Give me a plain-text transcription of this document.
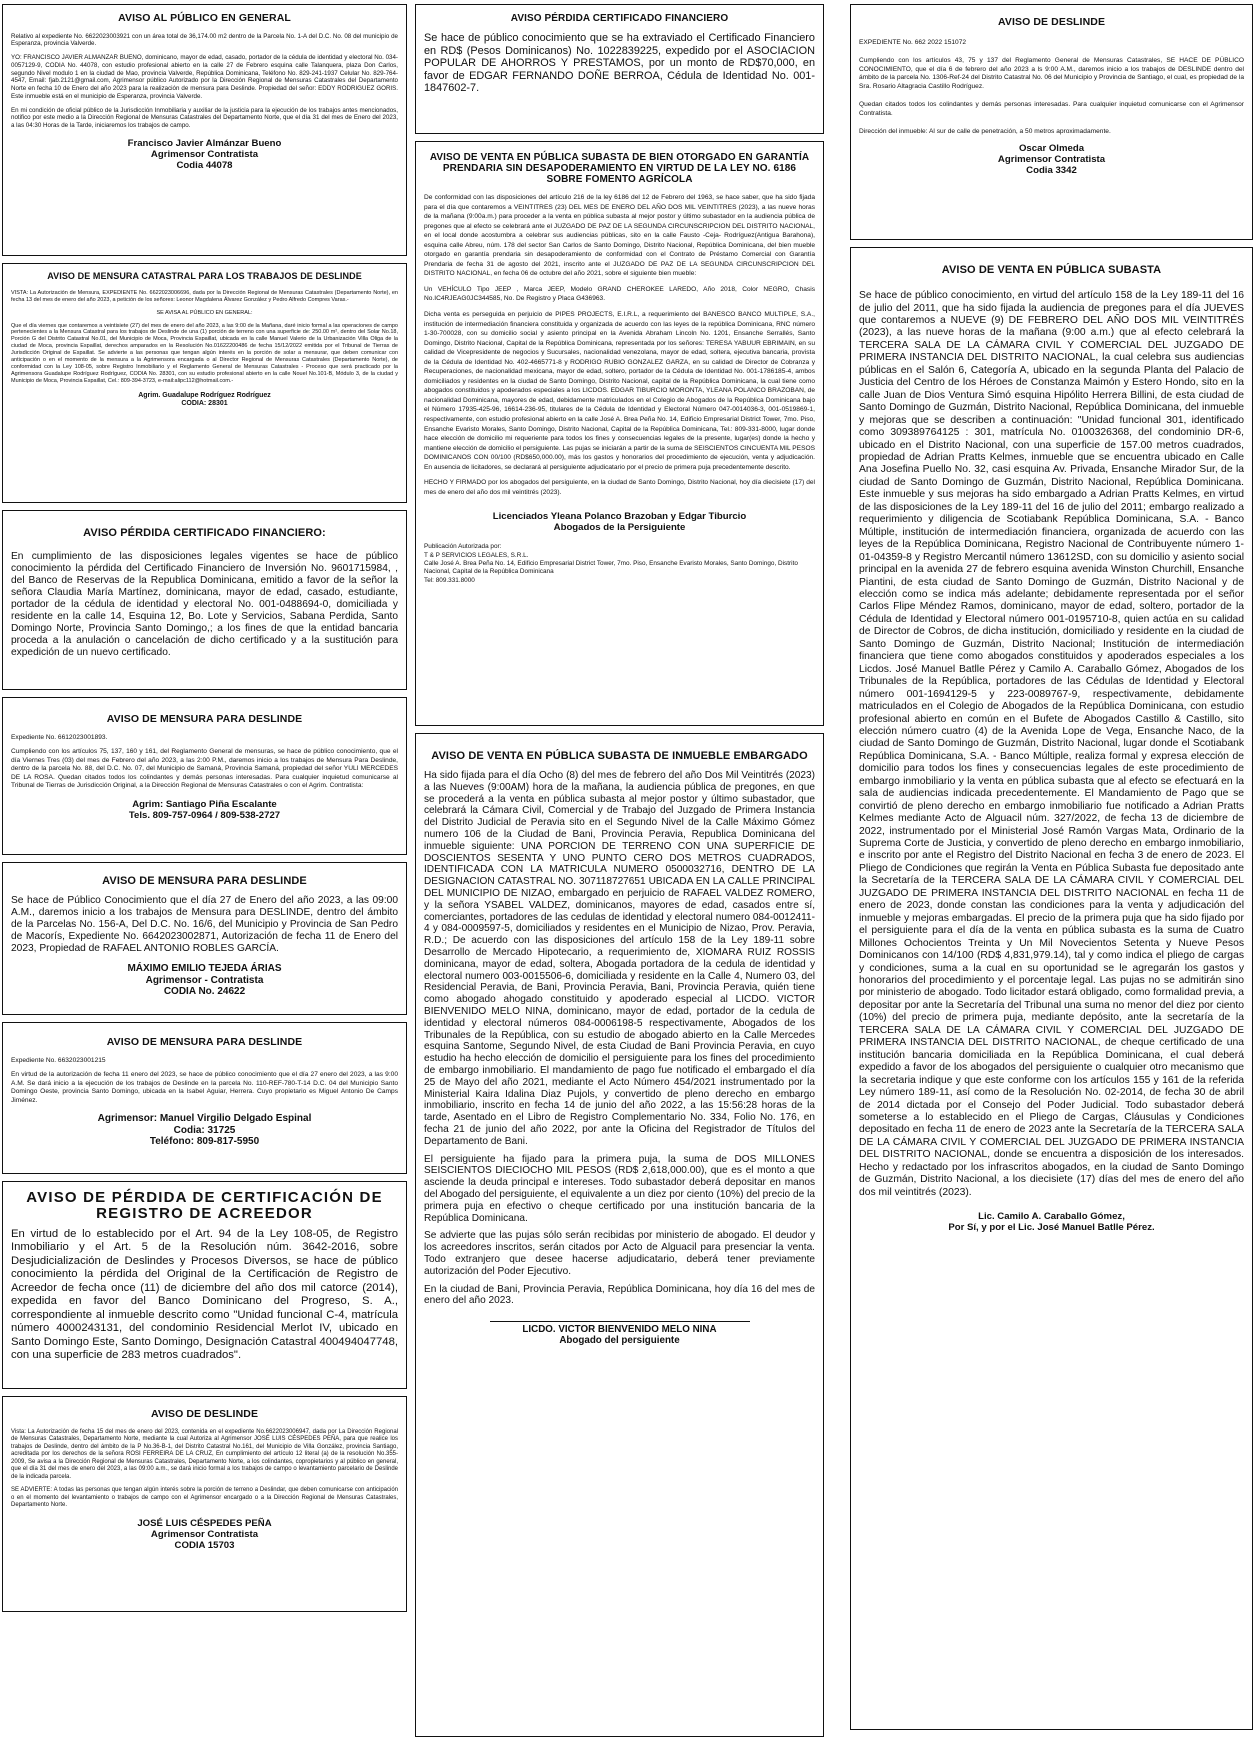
AVISO AL PÚBLICO EN GENERAL

Relativo al expediente No. 6622023003921 con un área total de 36,174.00 m2 dentro de la Parcela No. 1-A del D.C. No. 08 del municipio de Esperanza, provincia Valverde.

YO: FRANCISCO JAVIER ALMANZAR BUENO, dominicano, mayor de edad, casado, portador de la cédula de identidad y electoral No. 034-0057129-9, CODIA No. 44078, con estudio profesional abierto en la calle 27 de Febrero esquina calle Talanquera, plaza Don Carlos, segundo Nivel modulo 1 en la ciudad de Mao, provincia Valverde, República Dominicana, Teléfono No. 829-241-1937 Celular No. 829-764-4547, Email: fjab.2121@gmail.com, Agrimensor público Autorizado por la Dirección Regional de Mensuras Catastrales del Departamento Norte en fecha 10 de Enero del año 2023 para la realización de mensura para Deslinde. Propiedad del señor: EDDY RODRIGUEZ GORIS. Este inmueble está en el municipio de Esperanza, provincia Valverde.

En mi condición de oficial público de la Jurisdicción Inmobiliaria y auxiliar de la justicia para la ejecución de los trabajos antes mencionados, notifico por este medio a la Dirección Regional de Mensuras Catastrales del Departamento Norte, que el día 31 del mes de Enero del 2023, a las 04:30 Horas de la Tarde, iniciaremos los trabajos de campo.

Francisco Javier Almánzar Bueno
Agrimensor Contratista
Codia 44078
AVISO DE MENSURA CATASTRAL PARA LOS TRABAJOS DE DESLINDE

VISTA: La Autorización de Mensura, EXPEDIENTE No. 6622023006696, dada por la Dirección Regional de Mensuras Catastrales (Departamento Norte), en fecha 13 del mes de enero del año 2023, a petición de los señores: Leonor Magdalena Álvarez González y Pedro Alfredo Compres Varas.-

SE AVISA AL PÚBLICO EN GENERAL:

Que el día viernes que contaremos a veintisiete (27) del mes de enero del año 2023, a las 9:00 de la Mañana, daré inicio formal a las operaciones de campo pertenecientes a la Mensura Catastral para los trabajos de Deslinde de una (1) porción de terreno con una superficie de: 250.00 m², dentro del Solar No.18, Porción G del Distrito Catastral No.01, del Municipio de Moca, Provincia Espaillat, ubicada en la calle Manuel Valerio de la Urbanización Villa Oliga de la ciudad de Moca, provincia Espaillat, derechos amparados en la Resolución No.01622200486 de fecha 15/12/2022 emitida por el Tribunal de Tierras de Jurisdicción Original de Espaillat. Se advierte a las personas que tengan algún interés en la porción de solar a mensurar, que deben comunicar con anticipación o en el momento de la mensura a la Agrimensora encargada o al Director Regional de Mensuras Catastrales (Departamento Norte), de conformidad con la Ley 108-05, sobre Registro Inmobiliario y el Reglamento General de Mensuras Catastrales - Proceso que será practicado por la Agrimensora Guadalupe Rodríguez Rodríguez, CODIA No. 28301, con su estudio profesional abierto en la calle Nouel No.101-B, Módulo 3, de la ciudad y Municipio de Moca, Provincia Espaillat, Cel.: 809-394-3723, e-mail:alipc112@hotmail.com.-

Agrim. Guadalupe Rodríguez Rodríguez
CODIA: 28301
AVISO PÉRDIDA CERTIFICADO FINANCIERO:

En cumplimiento de las disposiciones legales vigentes se hace de público conocimiento la pérdida del Certificado Financiero de Inversión No. 9601715984, , del Banco de Reservas de la Republica Dominicana, emitido a favor de la señor la señora Claudia María Martínez, dominicana, mayor de edad, casado, estudiante, portador de la cédula de identidad y electoral No. 001-0488694-0, domiciliada y residente en la calle 14, Esquina 12, Bo. Lote y Servicios, Sabana Perdida, Santo Domingo Norte, Provincia Santo Domingo,; a los fines de que la entidad bancaria proceda a la anulación o cancelación de dicho certificado y a la sustitución para expedición de un nuevo certificado.

AVISO DE MENSURA PARA DESLINDE

Expediente No. 6612023001893.

Cumpliendo con los artículos 75, 137, 160 y 161, del Reglamento General de mensuras, se hace de público conocimiento, que el día Viernes Tres (03) del mes de Febrero del año 2023, a las 2:00 P.M., daremos inicio a los trabajos de Mensura Para Deslinde, dentro de la parcela No. 88, del D.C. No. 07, del Municipio de Samaná, Provincia Samaná, propiedad del señor YULI MERCEDES DE LA ROSA. Quedan citados todos los colindantes y demás personas interesadas. Para cualquier inquietud comunicarse al Tribunal de Tierras de Jurisdicción Original, a la Dirección Regional de Mensuras Catastrales o con el Agrim. Contratista:

Agrim: Santiago Piña Escalante
Tels. 809-757-0964 / 809-538-2727
AVISO DE MENSURA PARA DESLINDE

Se hace de Público Conocimiento que el día 27 de Enero del año 2023, a las 09:00 A.M., daremos inicio a los trabajos de Mensura para DESLINDE, dentro del ámbito de la Parcelas No. 156-A, Del D.C. No. 16/6, del Municipio y Provincia de San Pedro de Macorís, Expediente No. 6642023002871, Autorización de fecha 11 de Enero del 2023, Propiedad de RAFAEL ANTONIO ROBLES GARCÍA.

MÁXIMO EMILIO TEJEDA ÁRIAS
Agrimensor - Contratista
CODIA No. 24622
AVISO DE MENSURA PARA DESLINDE

Expediente No. 6632023001215

En virtud de la autorización de fecha 11 enero del 2023, se hace de público conocimiento que el día 27 enero del 2023, a las 9:00 A.M. Se dará inicio a la ejecución de los trabajos de Deslinde en la parcela No. 110-REF-780-T-14 D.C. 04 del Municipio Santo Domingo Oeste, provincia Santo Domingo, ubicada en la Isabel Aguiar, Herrera. Cuyo propietario es Miguel Antonio De Camps Jiménez.

Agrimensor: Manuel Virgilio Delgado Espinal
Codia: 31725
Teléfono: 809-817-5950
AVISO DE PÉRDIDA DE CERTIFICACIÓN DE REGISTRO DE ACREEDOR

En virtud de lo establecido por el Art. 94 de la Ley 108-05, de Registro Inmobiliario y el Art. 5 de la Resolución núm. 3642-2016, sobre Desjudicialización de Deslindes y Procesos Diversos, se hace de público conocimiento la pérdida del Original de la Certificación de Registro de Acreedor de fecha once (11) de diciembre del año dos mil catorce (2014), expedida en favor del Banco Dominicano del Progreso, S. A., correspondiente al inmueble descrito como "Unidad funcional C-4, matrícula número 4000243131, del condominio Residencial Merlot IV, ubicado en Santo Domingo Este, Santo Domingo, Designación Catastral 400494047748, con una superficie de 283 metros cuadrados".

AVISO DE DESLINDE

Vista: La Autorización de fecha 15 del mes de enero del 2023, contenida en el expediente No.6622023006947, dada por La Dirección Regional de Mensuras Catastrales, Departamento Norte, mediante la cual Autoriza al Agrimensor JOSÉ LUIS CÉSPEDES PEÑA, para que realice los trabajos de Deslinde, dentro del ámbito de la P No.36-B-1, del Distrito Catastral No.161, del Municipio de Villa González, provincia Santiago, acreditada por los derechos de la señora ROSI FERREIRA DE LA CRUZ, En cumplimiento del artículo 12 literal (a) de la resolución No.355-2009, Se avisa a la Dirección Regional de Mensuras Catastrales, Departamento Norte, a los colindantes, copropietarios y al público en general, que el día 31 del mes de enero del 2023, a las 09:00 a.m., se dará inicio formal a los trabajos de campo o levantamiento parcelario de Deslinde de la indicada parcela.

SE ADVIERTE: A todas las personas que tengan algún interés sobre la porción de terreno a Deslindar, que deben comunicarse con anticipación o en el momento del levantamiento o trabajos de campo con el Agrimensor encargado o a la Dirección Regional de Mensuras Catastrales, Departamento Norte.

JOSÉ LUIS CÉSPEDES PEÑA
Agrimensor Contratista
CODIA 15703
AVISO PÉRDIDA CERTIFICADO FINANCIERO

Se hace de público conocimiento que se ha extraviado el Certificado Financiero en RD$ (Pesos Dominicanos) No. 1022839225, expedido por el ASOCIACION POPULAR DE AHORROS Y PRESTAMOS, por un monto de RD$70,000, en favor de EDGAR FERNANDO DOÑE BERROA, Cédula de Identidad No. 001-1847602-7.

AVISO DE VENTA EN PÚBLICA SUBASTA DE BIEN OTORGADO EN GARANTÍA PRENDARIA SIN DESAPODERAMIENTO EN VIRTUD DE LA LEY NO. 6186 SOBRE FOMENTO AGRÍCOLA

De conformidad con las disposiciones del artículo 216 de la ley 6186 del 12 de Febrero del 1963, se hace saber, que ha sido fijada para el día que contaremos a VEINTITRES (23) DEL MES DE ENERO DEL AÑO DOS MIL VEINTITRES (2023), a las nueve horas de la mañana (9:00a.m.) para proceder a la venta en pública subasta al mejor postor y último subastador en la audiencia pública de pregones que al efecto se celebrará ante el JUZGADO DE PAZ DE LA SEGUNDA CIRCUNSCRIPCION DEL DISTRITO NACIONAL, en el local donde acostumbra a celebrar sus audiencias públicas, sito en la calle Fausto -Ceja- Rodríguez(Antigua Barahona), esquina calle Abreu, núm. 178 del sector San Carlos de Santo Domingo, Distrito Nacional, República Dominicana, del bien mueble otorgado en garantía prendaria sin desapoderamiento de conformidad con el Contrato de Préstamo Comercial con Garantía Prendaria de fecha 31 de agosto del 2021, inscrito ante el JUZGADO DE PAZ DE LA SEGUNDA CIRCUNSCRIPCION DEL DISTRITO NACIONAL, en fecha 06 de octubre del año 2021, sobre el siguiente bien mueble:

Un VEHÍCULO Tipo JEEP , Marca JEEP, Modelo GRAND CHEROKEE LAREDO, Año 2018, Color NEGRO, Chasis No.IC4RJEAG0JC344585, No. De Registro y Placa G436963.

Dicha venta es perseguida en perjuicio de PIPES PROJECTS, E.I.R.L, a requerimiento del BANESCO BANCO MULTIPLE, S.A., institución de intermediación financiera constituida y organizada de acuerdo con las leyes de la república Dominicana, RNC número 1-30-700028, con su domicilio social y asiento principal en la Avenida Abraham Lincoln No. 1201, Ensanche Serrallés, Santo Domingo, Distrito Nacional, Capital de la República Dominicana, representada por los señores: TERESA YABUUR EBRIMAIN, en su calidad de Vicepresidente de negocios y Sucursales, nacionalidad venezolana, mayor de edad, soltera, ejecutiva bancaria, provista de la Cédula de Identidad No. 402-4665771-8 y RODRIGO RUBIO GONZALEZ GARZA, en su calidad de Director de Cobranza y Recuperaciones, de nacionalidad mexicana, mayor de edad, soltero, portador de la Cédula de Identidad No. 001-1786185-4, ambos domiciliados y residentes en la ciudad de Santo Domingo, Distrito Nacional, capital de la República Dominicana, la cual tiene como abogados constituidos y apoderados especiales a los LICDOS. EDGAR TIBURCIO MORONTA, YLEANA POLANCO BRAZOBAN, de nacionalidad Dominicana, mayores de edad, debidamente matriculados en el Colegio de Abogados de la República Dominicana bajo el Número 17935-425-96, 16614-236-95, titulares de la Cédula de Identidad y Electoral Número 047-0014036-3, 001-0519869-1, respectivamente, con estudio profesional abierto en la calle José A. Brea Peña No. 14, Edificio Empresarial District Tower, 7mo. Piso, Ensanche Evaristo Morales, Santo Domingo, Distrito Nacional, Capital de la República Dominicana, Tel.: 809-331-8000, lugar donde hace elección de domicilio mi requeriente para todos los fines y consecuencias legales de la presente, lugar(es) donde la hecho y mantiene elección de domicilio el persiguiente. Las pujas se iniciarán a partir de la suma de SEISCIENTOS CINCUENTA MIL PESOS DOMINICANOS CON 00/100 (RD$650,000.00), más los gastos y honorarios del procedimiento de ejecución, venta y adjudicación. En ausencia de licitadores, se declarará al persiguiente adjudicatario por el precio de primera puja precedentemente descrito.

HECHO Y FIRMADO por los abogados del persiguiente, en la ciudad de Santo Domingo, Distrito Nacional, hoy día diecisiete (17) del mes de enero del año dos mil veintitrés (2023).

Licenciados Yleana Polanco Brazoban y Edgar Tiburcio
Abogados de la Persiguiente
Publicación Autorizada por:
T & P SERVICIOS LEGALES, S.R.L.
Calle José A. Brea Peña No. 14, Edificio Empresarial District Tower, 7mo. Piso, Ensanche Evaristo Morales, Santo Domingo, Distrito Nacional, Capital de la República Dominicana
Tel: 809.331.8000
AVISO DE VENTA EN PÚBLICA SUBASTA DE INMUEBLE EMBARGADO

Ha sido fijada para el día Ocho (8) del mes de febrero del año Dos Mil Veintitrés (2023) a las Nueves (9:00AM) hora de la mañana, la audiencia pública de pregones, en que se procederá a la venta en pública subasta al mejor postor y último subastador, que celebrará la Cámara Civil, Comercial y de Trabajo del Juzgado de Primera Instancia del Distrito Judicial de Peravia sito en el Segundo Nivel de la Calle Máximo Gómez numero 106 de la Ciudad de Bani, Provincia Peravia, Republica Dominicana del inmueble siguiente: UNA PORCION DE TERRENO CON UNA SUPERFICIE DE DOSCIENTOS SESENTA Y UNO PUNTO CERO DOS METROS CUADRADOS, IDENTIFICADA CON LA MATRICULA NUMERO 0500032716, DENTRO DE LA DESIGNACION CATASTRAL NO. 307118727651 UBICADA EN LA CALLE PRINCIPAL DEL MUNICIPIO DE NIZAO, embargado en perjuicio de RAFAEL VALDEZ ROMERO, y la señora YSABEL VALDEZ, dominicanos, mayores de edad, casados entre sí, comerciantes, portadores de las cedulas de identidad y electoral numero 084-0012411-4 y 084-0009597-5, domiciliados y residentes en el Municipio de Nizao, Prov. Peravia, R.D.; De acuerdo con las disposiciones del artículo 158 de la Ley 189-11 sobre Desarrollo de Mercado Hipotecario, a requerimiento de, XIOMARA RUIZ ROSSIS dominicana, mayor de edad, soltera, Abogada portadora de la cedula de identidad y electoral numero 003-0015506-6, domiciliada y residente en la Calle 4, Numero 03, del Residencial Peravia, de Bani, Provincia Peravia, Bani, Provincia Peravia, quién tiene como abogado ahogado constituido y apoderado especial al LICDO. VICTOR BIENVENIDO MELO NINA, dominicano, mayor de edad, portador de la cedula de identidad y electoral números 084-0006198-5 respectivamente, Abogados de los Tribunales de la República, con su estudio de abogado abierto en la Calle Mercedes esquina Santome, Segundo Nivel, de esta Ciudad de Bani Provincia Peravia, en cuyo estudio ha hecho elección de domicilio el persiguiente para los fines del procedimiento de embargo inmobiliario. El mandamiento de pago fue notificado el embargado el día 25 de Mayo del año 2021, mediante el Acto Número 454/2021 instrumentado por la Ministerial Kaira Idalina Diaz Pujols, y convertido de pleno derecho en embargo inmobiliario, inscrito en fecha 14 de junio del año 2022, a las 15:56:28 horas de la tarde, Asentado en el Libro de Registro Complementario No. 334, Folio No. 176, en fecha 21 de junio del año 2022, por ante la Oficina del Registrador de Títulos del Departamento de Bani.

El persiguiente ha fijado para la primera puja, la suma de DOS MILLONES SEISCIENTOS DIECIOCHO MIL PESOS (RD$ 2,618,000.00), que es el monto a que asciende la deuda principal e intereses. Todo subastador deberá depositar en manos del Abogado del persiguiente, el equivalente a un diez por ciento (10%) del precio de la primera puja en efectivo o cheque certificado por una institución bancaria de la República Dominicana.

Se advierte que las pujas sólo serán recibidas por ministerio de abogado. El deudor y los acreedores inscritos, serán citados por Acto de Alguacil para presenciar la venta. Todo extranjero que desee hacerse adjudicatario, deberá tener previamente autorización del Poder Ejecutivo.

En la ciudad de Bani, Provincia Peravia, República Dominicana, hoy día 16 del mes de enero del año 2023.

LICDO. VICTOR BIENVENIDO MELO NINA
Abogado del persiguiente
AVISO DE DESLINDE

EXPEDIENTE No. 662 2022 151072

Cumpliendo con los artículos 43, 75 y 137 del Reglamento General de Mensuras Catastrales, SE HACE DE PÚBLICO CONOCIMIENTO, que el día 6 de febrero del año 2023 a ls 9:00 A.M., daremos inicio a los trabajos de DESLINDE dentro del ámbito de la parcela No. 1306-Ref-24 del Distrito Catastral No. 06 del Municipio y Provincia de Santiago, el cual, es propiedad de la Sra. Rosario Altagracia Castillo Rodríguez.

Quedan citados todos los colindantes y demás personas interesadas. Para cualquier inquietud comunicarse con el Agrimensor Contratista.

Dirección del inmueble: Al sur de calle de penetración, a 50 metros aproximadamente.

Oscar Olmeda
Agrimensor Contratista
Codia 3342
AVISO DE VENTA EN PÚBLICA SUBASTA

Se hace de público conocimiento, en virtud del artículo 158 de la Ley 189-11 del 16 de julio del 2011, que ha sido fijada la audiencia de pregones para el día JUEVES que contaremos a NUEVE (9) DE FEBRERO DEL AÑO DOS MIL VEINTITRÉS (2023), a las nueve horas de la mañana (9:00 a.m.) que al efecto celebrará la TERCERA SALA DE LA CÁMARA CIVIL Y COMERCIAL DEL JUZGADO DE PRIMERA INSTANCIA DEL DISTRITO NACIONAL, la cual celebra sus audiencias públicas en el Salón 6, Categoría A, ubicado en la segunda Planta del Palacio de Justicia del Centro de los Héroes de Constanza Maimón y Estero Hondo, sito en la calle Juan de Dios Ventura Simó esquina Hipólito Herrera Billini, de esta ciudad de Santo Domingo de Guzmán, Distrito Nacional, República Dominicana, del inmueble y mejoras que se describen a continuación: "Unidad funcional 301, identificado como 309389764125 : 301, matrícula No. 0100326368, del condominio DR-6, ubicado en el Distrito Nacional, con una superficie de 157.00 metros cuadrados, propiedad de Adrian Pratts Kelmes, inmueble que se encuentra ubicado en Calle Ana Josefina Puello No. 32, casi esquina Av. Privada, Ensanche Mirador Sur, de la ciudad de Santo Domingo de Guzmán, Distrito Nacional, República Dominicana. Este inmueble y sus mejoras ha sido embargado a Adrian Pratts Kelmes, en virtud de las disposiciones de la Ley 189-11 del 16 de julio del 2011; embargo realizado a requerimiento y diligencia de Scotiabank República Dominicana, S.A. - Banco Múltiple, institución de intermediación financiera, organizada de acuerdo con las leyes de la República Dominicana, Registro Nacional de Contribuyente número 1-01-04359-8 y Registro Mercantil número 13612SD, con su domicilio y asiento social principal en la avenida 27 de febrero esquina avenida Winston Churchill, Ensanche Piantini, de esta ciudad de Santo Domingo de Guzmán, Distrito Nacional y de elección como se indica más adelante; debidamente representada por el señor Carlos Flipe Méndez Ramos, dominicano, mayor de edad, soltero, portador de la Cédula de Identidad y Electoral número 001-0195710-8, quien actúa en su calidad de Director de Cobros, de dicha institución, domiciliado y residente en la ciudad de Santo Domingo de Guzmán, Distrito Nacional; Institución de intermediación financiera que tiene como abogados constituidos y apoderados especiales a los Licdos. José Manuel Batlle Pérez y Camilo A. Caraballo Gómez, Abogados de los Tribunales de la República, portadores de las Cédulas de Identidad y Electoral número 001-1694129-5 y 223-0089767-9, respectivamente, debidamente matriculados en el Colegio de Abogados de la República Dominicana, con estudio profesional abierto en común en el Bufete de Abogados Castillo & Castillo, sito elección número cuatro (4) de la Avenida Lope de Vega, Ensanche Naco, de la ciudad de Santo Domingo de Guzmán, Distrito Nacional, lugar donde el Scotiabank República Dominicana, S.A. - Banco Múltiple, realiza formal y expresa elección de domicilio para todos los fines y consecuencias legales de este procedimiento de embargo inmobiliario y la venta en pública subasta que al efecto se efectuará en la sala de audiencias indicada precedentemente. El Mandamiento de Pago que se convirtió de pleno derecho en embargo inmobiliario fue notificado a Adrian Pratts Kelmes mediante Acto de Alguacil núm. 327/2022, de fecha 13 de diciembre de 2022, instrumentado por el Ministerial José Ramón Vargas Mata, Ordinario de la Suprema Corte de Justicia, y convertido de pleno derecho en embargo inmobiliario, e inscrito por ante el Registro del Distrito Nacional en fecha 3 de enero de 2023. El Pliego de Condiciones que regirán la Venta en Pública Subasta fue depositado ante la Secretaría de la TERCERA SALA DE LA CÁMARA CIVIL Y COMERCIAL DEL JUZGADO DE PRIMERA INSTANCIA DEL DISTRITO NACIONAL en fecha 11 de enero de 2023, donde constan las condiciones para la venta y adjudicación del inmueble y mejoras embargadas. El precio de la primera puja que ha sido fijado por el persiguiente para el día de la venta en pública subasta es la suma de Cuatro Millones Ochocientos Treinta y Un Mil Novecientos Setenta y Nueve Pesos Dominicanos con 14/100 (RD$ 4,831,979.14), tal y como indica el pliego de cargas y condiciones, suma a la cual en su oportunidad se le agregarán los gastos y honorarios del procedimiento y el porcentaje legal. Las pujas no se admitirán sino por ministerio de abogado. Todo licitador estará obligado, como formalidad previa, a depositar por ante la Secretaría del Tribunal una suma no menor del diez por ciento (10%) del precio de primera puja, mediante depósito, ante la secretaría de la TERCERA SALA DE LA CÁMARA CIVIL Y COMERCIAL DEL JUZGADO DE PRIMERA INSTANCIA DEL DISTRITO NACIONAL, de cheque certificado de una institución bancaria domiciliada en la República Dominicana, el cual deberá expedido a favor de los abogados del persiguiente o cualquier otro mecanismo que la secretaria indique y que este conforme con los artículos 155 y 161 de la referida Ley número 189-11, así como de la Resolución No. 02-2014, de fecha 30 de abril de 2014 dictada por el Consejo del Poder Judicial. Todo subastador deberá someterse a lo establecido en el Pliego de Cargas, Cláusulas y Condiciones depositado en fecha 11 de enero de 2023 ante la Secretaría de la TERCERA SALA DE LA CÁMARA CIVIL Y COMERCIAL DEL JUZGADO DE PRIMERA INSTANCIA DEL DISTRITO NACIONAL, donde se encuentra a disposición de los interesados. Hecho y redactado por los infrascritos abogados, en la ciudad de Santo Domingo de Guzmán, Distrito Nacional, a los diecisiete (17) días del mes de enero del año dos mil veintitrés (2023).

Lic. Camilo A. Caraballo Gómez,
Por Sí, y por el Lic. José Manuel Batlle Pérez.
